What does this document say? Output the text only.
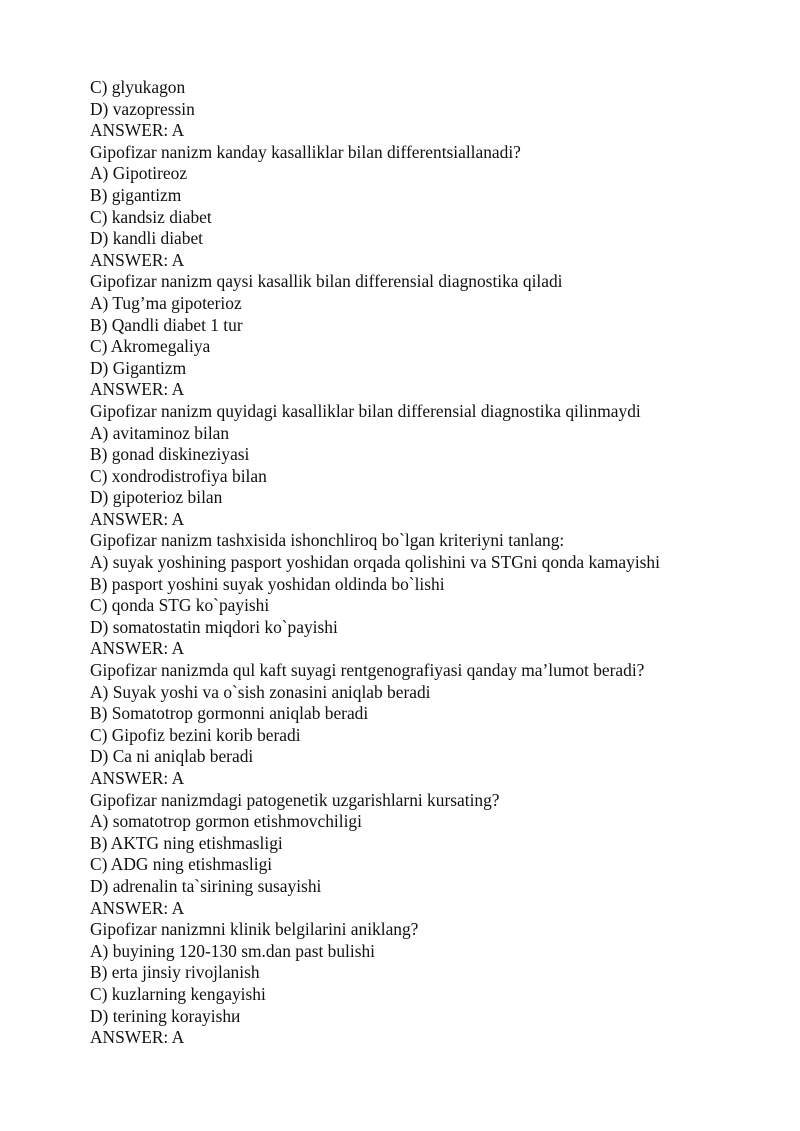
C) glyukagon
D) vazopressin
ANSWER: A
Gipofizar nanizm kanday kasalliklar bilan differentsiallanadi?
A) Gipotireoz
B) gigantizm
C) kandsiz diabet
D) kandli diabet
ANSWER: A
Gipofizar nanizm qaysi kasallik bilan differensial diagnostika qiladi
A) Tug’ma gipoterioz
B) Qandli diabet 1 tur
C) Akromegaliya
D) Gigantizm
ANSWER: A
Gipofizar nanizm quyidagi kasalliklar bilan differensial diagnostika qilinmaydi
A) avitaminoz bilan
B) gonad diskineziyasi
C) xondrodistrofiya bilan
D) gipoterioz bilan
ANSWER: A
Gipofizar nanizm tashxisida ishonchliroq bo`lgan kriteriyni tanlang:
A) suyak yoshining pasport yoshidan orqada qolishini va STGni qonda kamayishi
B) pasport yoshini suyak yoshidan oldinda bo`lishi
C) qonda STG ko`payishi
D) somatostatin miqdori ko`payishi
ANSWER: A
Gipofizar nanizmda qul kaft suyagi rentgenografiyasi qanday ma’lumot beradi?
A) Suyak yoshi va o`sish zonasini aniqlab beradi
B) Somatotrop gormonni aniqlab beradi
C) Gipofiz bezini korib beradi
D) Ca ni aniqlab beradi
ANSWER: A
Gipofizar nanizmdagi patogenetik uzgarishlarni kursating?
A) somatotrop gormon etishmovchiligi
B) AKTG ning etishmasligi
C) ADG ning etishmasligi
D) adrenalin ta`sirining susayishi
ANSWER: A
Gipofizar nanizmni klinik belgilarini aniklang?
A) buyining 120-130 sm.dan past bulishi
B) erta jinsiy rivojlanish
C) kuzlarning kengayishi
D) terining korayishи
ANSWER: A
